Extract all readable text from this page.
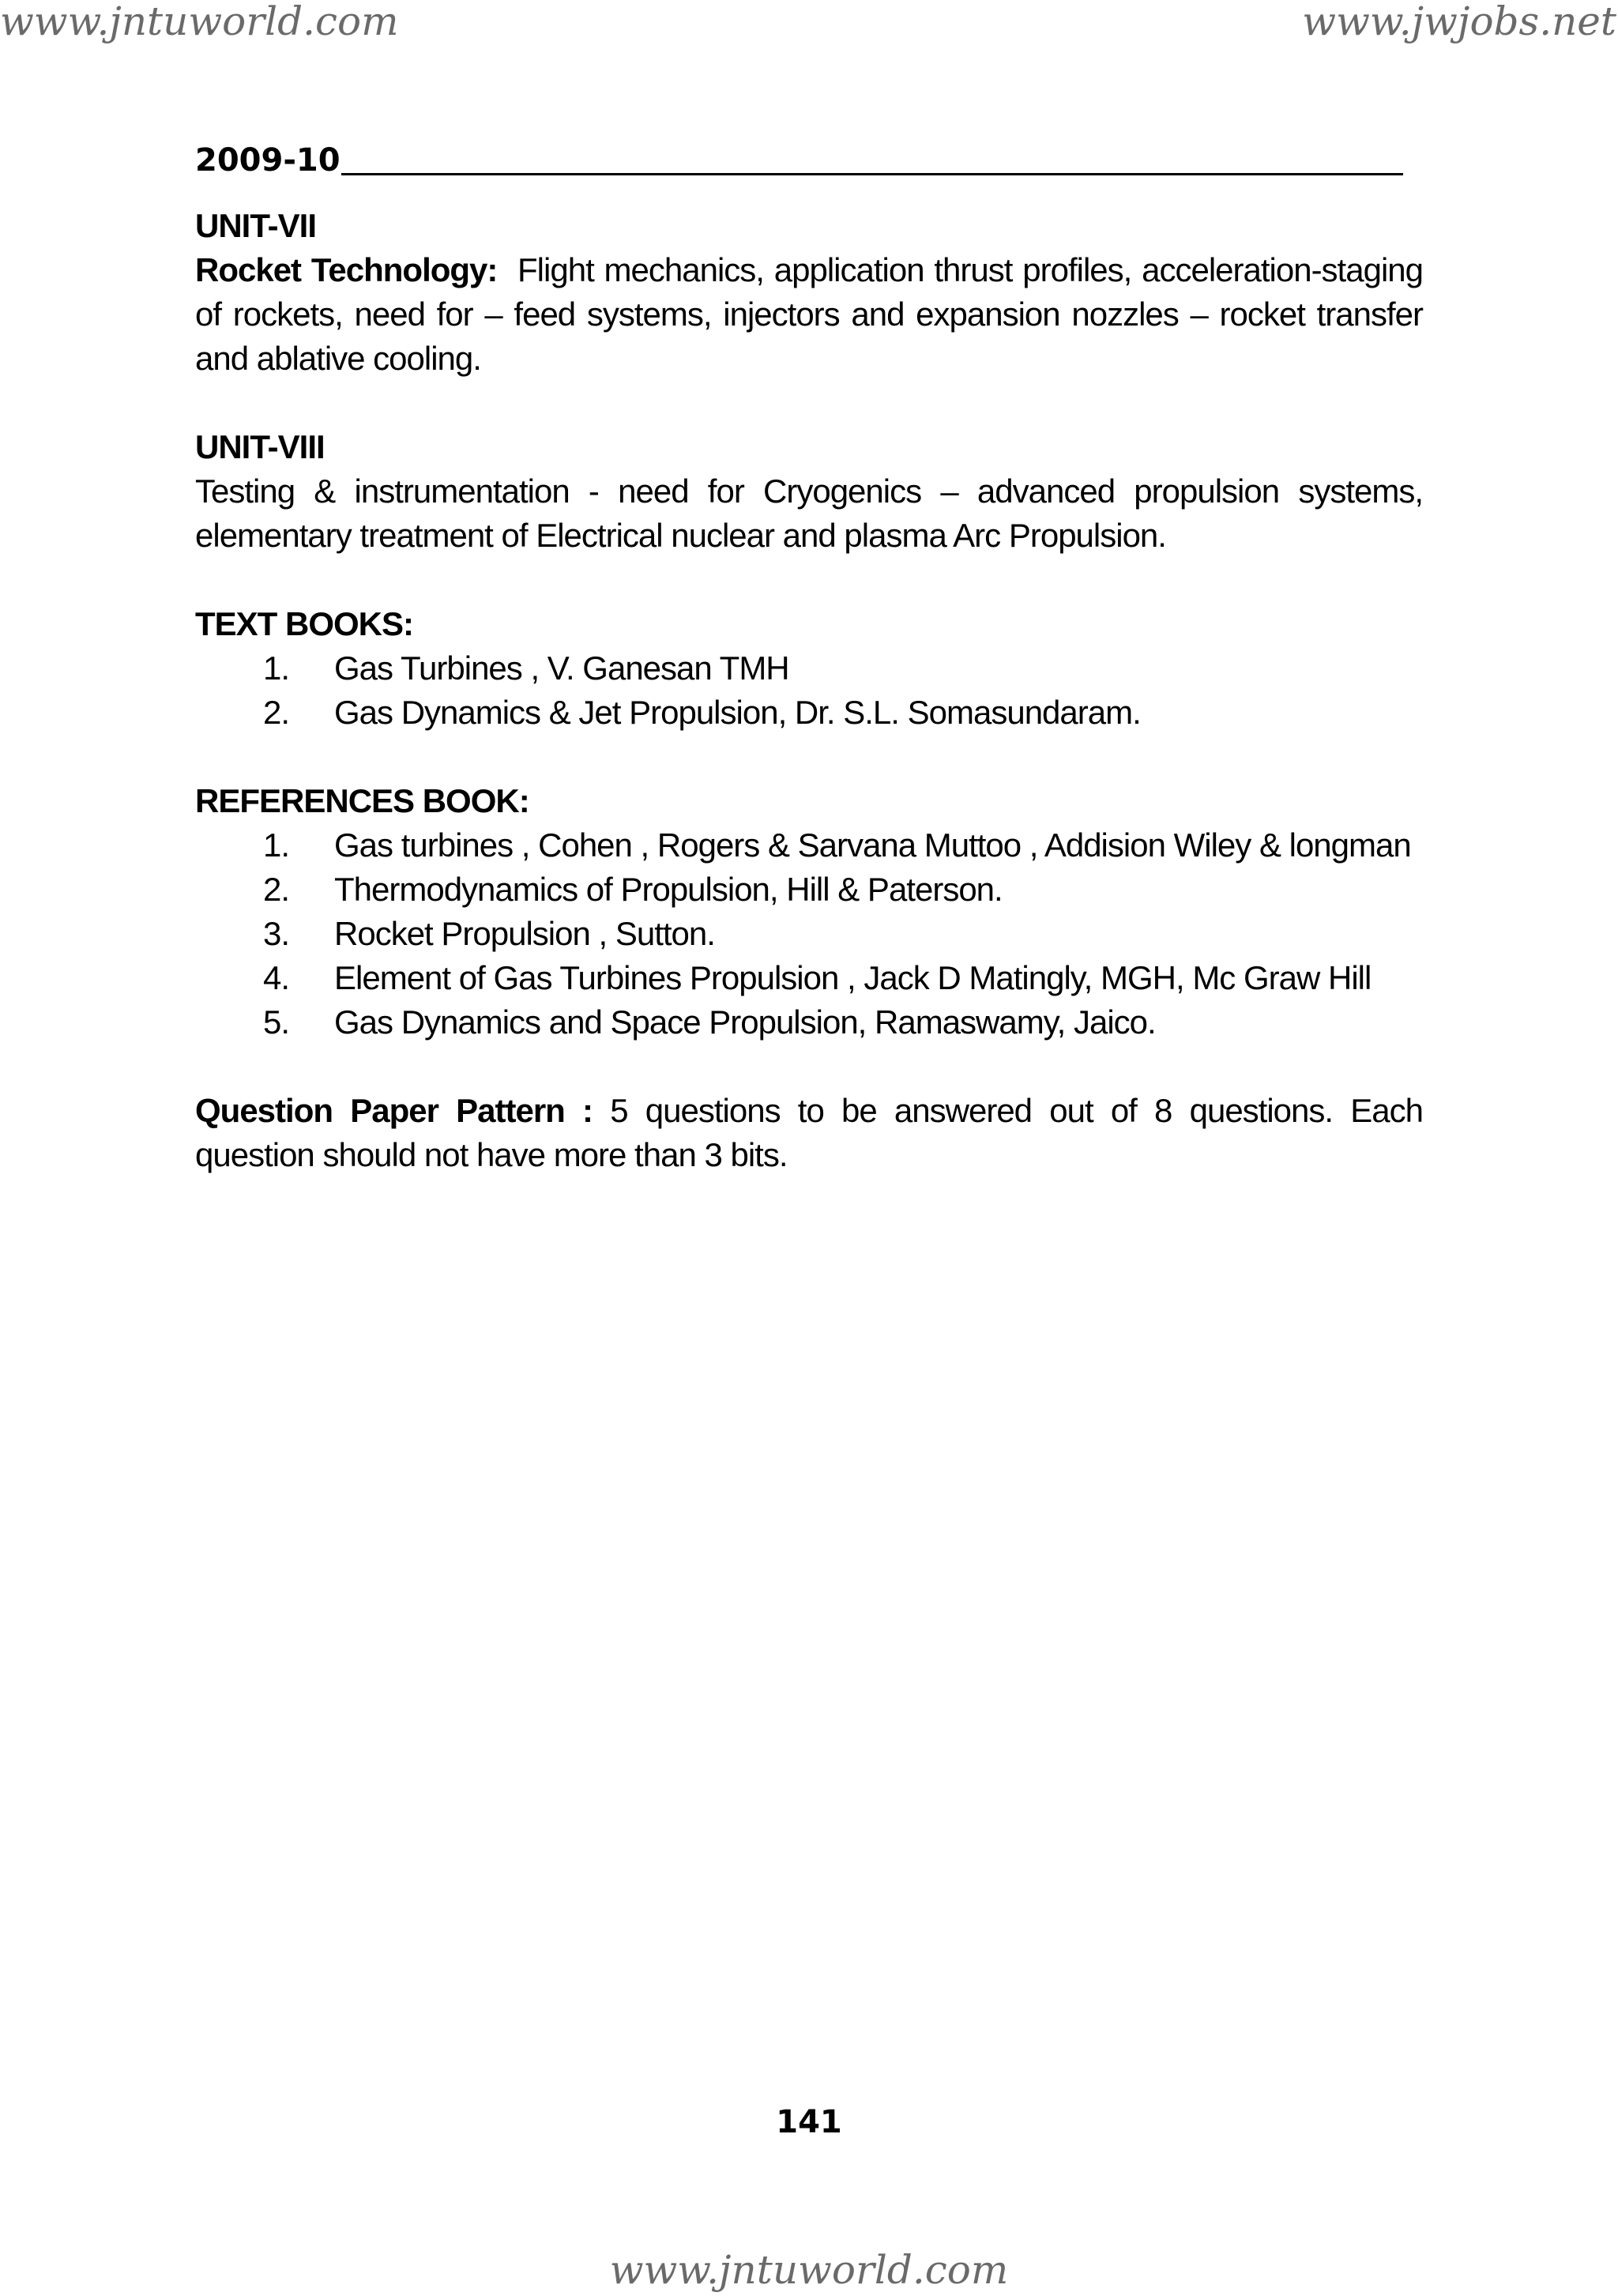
www.jntuworld.com	www.jwjobs.net
2009-10

UNIT-VII

Rocket Technology: Flight mechanics, application thrust profiles, acceleration-staging of rockets, need for – feed systems, injectors and expansion nozzles – rocket transfer and ablative cooling.

UNIT-VIII

Testing & instrumentation - need for Cryogenics – advanced propulsion systems, elementary treatment of Electrical nuclear and plasma Arc Propulsion.

TEXT BOOKS:

1. Gas Turbines , V. Ganesan TMH
2. Gas Dynamics & Jet Propulsion, Dr. S.L. Somasundaram.

REFERENCES BOOK:

1. Gas turbines , Cohen , Rogers & Sarvana Muttoo , Addision Wiley & longman
2. Thermodynamics of Propulsion, Hill & Paterson.
3. Rocket Propulsion , Sutton.
4. Element of Gas Turbines Propulsion , Jack D Matingly, MGH, Mc Graw Hill
5. Gas Dynamics and Space Propulsion, Ramaswamy, Jaico.

Question Paper Pattern : 5 questions to be answered out of 8 questions. Each question should not have more than 3 bits.

141
www.jntuworld.com
